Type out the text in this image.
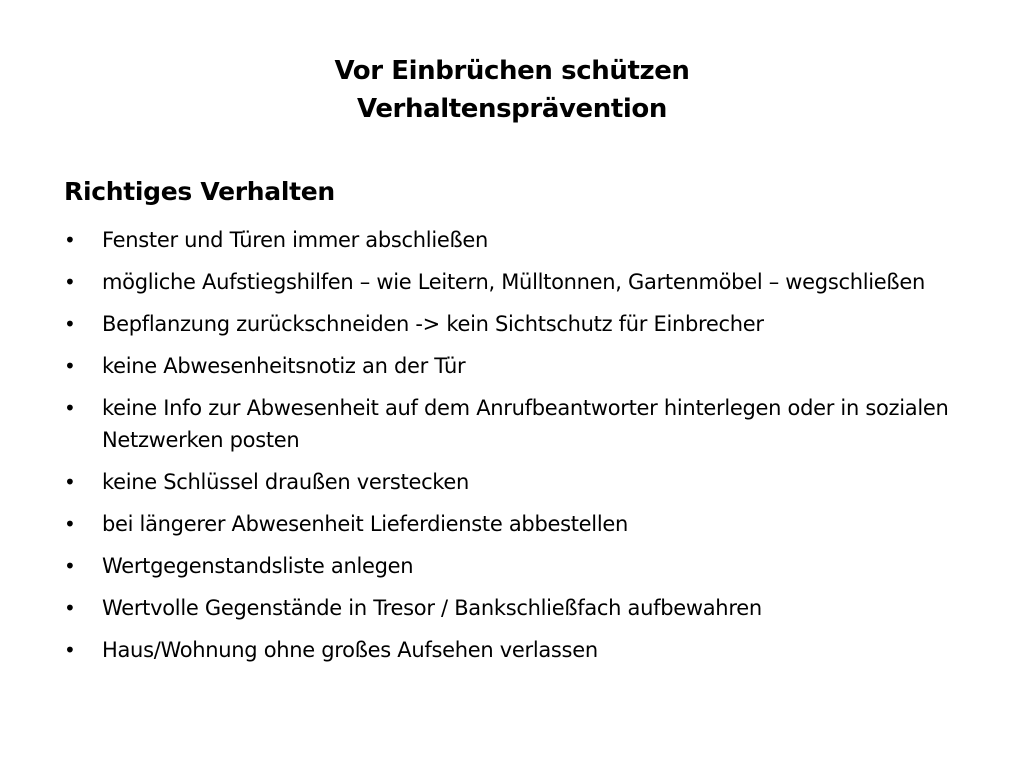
Vor Einbrüchen schützen
Verhaltensprävention
Richtiges Verhalten
•	Fenster und Türen immer abschließen
•	mögliche Aufstiegshilfen – wie Leitern, Mülltonnen, Gartenmöbel – wegschließen
•	Bepflanzung zurückschneiden -> kein Sichtschutz für Einbrecher
•	keine Abwesenheitsnotiz an der Tür
•	keine Info zur Abwesenheit auf dem Anrufbeantworter hinterlegen oder in sozialen Netzwerken posten
•	keine Schlüssel draußen verstecken
•	bei längerer Abwesenheit Lieferdienste abbestellen
•	Wertgegenstandsliste anlegen
•	Wertvolle Gegenstände in Tresor / Bankschließfach aufbewahren
•	Haus/Wohnung ohne großes Aufsehen verlassen
